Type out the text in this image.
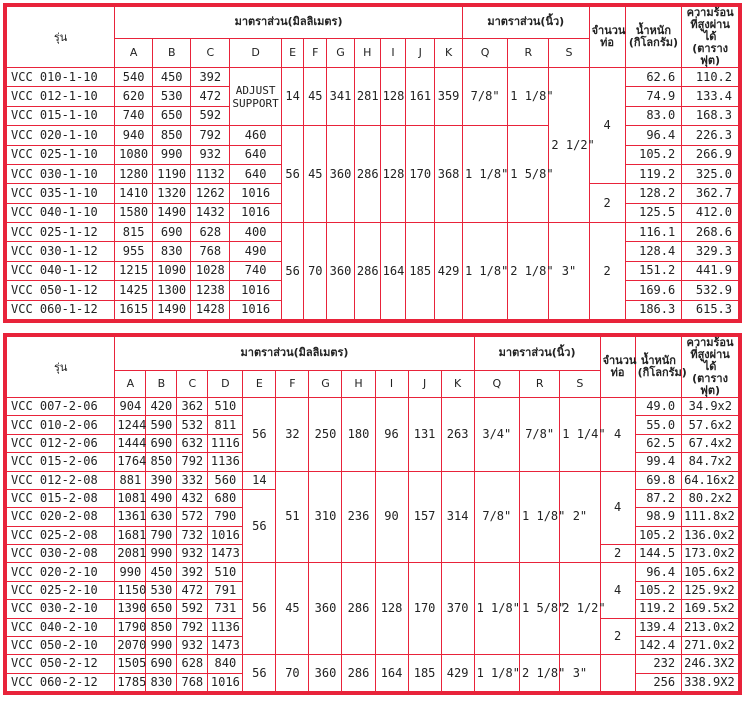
รุ่น	มาตราส่วน(มิลลิเมตร)											มาตราส่วน(นิ้ว)			จำนวนท่อ	น้ำหนัก (กิโลกรัม)	ความร้อนที่สูงผ่านได้ (ตารางฟุต)
	A	B	C	D	E	F	G	H	I	J	K	Q	R	S			
VCC 010-1-10	540	450	392	ADJUST SUPPORT	14	45	341	281	128	161	359	7/8"	1 1/8"	2 1/2"	4	62.6	110.2
VCC 012-1-10	620	530	472													74.9	133.4
VCC 015-1-10	740	650	592													83.0	168.3
VCC 020-1-10	940	850	792	460	56	45	360	286	128	170	368	1 1/8"	1 5/8"			96.4	226.3
VCC 025-1-10	1080	990	932	640												105.2	266.9
VCC 030-1-10	1280	1190	1132	640												119.2	325.0
VCC 035-1-10	1410	1320	1262	1016											2	128.2	362.7
VCC 040-1-10	1580	1490	1432	1016												125.5	412.0
VCC 025-1-12	815	690	628	400	56	70	360	286	164	185	429	1 1/8"	2 1/8"	3"	2	116.1	268.6
VCC 030-1-12	955	830	768	490												128.4	329.3
VCC 040-1-12	1215	1090	1028	740												151.2	441.9
VCC 050-1-12	1425	1300	1238	1016												169.6	532.9
VCC 060-1-12	1615	1490	1428	1016												186.3	615.3
รุ่น	มาตราส่วน(มิลลิเมตร)											มาตราส่วน(นิ้ว)			จำนวนท่อ	น้ำหนัก (กิโลกรัม)	ความร้อนที่สูงผ่านได้ (ตารางฟุต)
	A	B	C	D	E	F	G	H	I	J	K	Q	R	S			
VCC 007-2-06	904	420	362	510	56	32	250	180	96	131	263	3/4"	7/8"	1 1/4"	4	49.0	34.9x2
VCC 010-2-06	1244	590	532	811												55.0	57.6x2
VCC 012-2-06	1444	690	632	1116												62.5	67.4x2
VCC 015-2-06	1764	850	792	1136												99.4	84.7x2
VCC 012-2-08	881	390	332	560	14	51	310	236	90	157	314	7/8"	1 1/8"	2"	4	69.8	64.16x2
VCC 015-2-08	1081	490	432	680	56											87.2	80.2x2
VCC 020-2-08	1361	630	572	790												98.9	111.8x2
VCC 025-2-08	1681	790	732	1016												105.2	136.0x2
VCC 030-2-08	2081	990	932	1473											2	144.5	173.0x2
VCC 020-2-10	990	450	392	510	56	45	360	286	128	170	370	1 1/8"	1 5/8"	2 1/2"	4	96.4	105.6x2
VCC 025-2-10	1150	530	472	791												105.2	125.9x2
VCC 030-2-10	1390	650	592	731												119.2	169.5x2
VCC 040-2-10	1790	850	792	1136											2	139.4	213.0x2
VCC 050-2-10	2070	990	932	1473												142.4	271.0x2
VCC 050-2-12	1505	690	628	840	56	70	360	286	164	185	429	1 1/8"	2 1/8"	3"		232	246.3X2
VCC 060-2-12	1785	830	768	1016												256	338.9X2
